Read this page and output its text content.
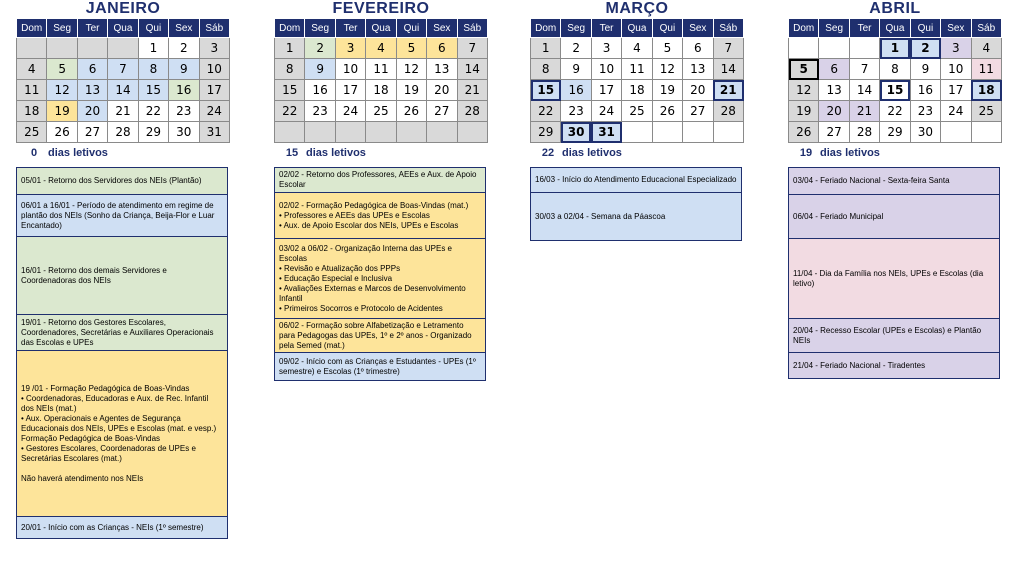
JANEIRO
Dom	Seg	Ter	Qua	Qui	Sex	Sáb
				1	2	3
4	5	6	7	8	9	10
11	12	13	14	15	16	17
18	19	20	21	22	23	24
25	26	27	28	29	30	31
0 dias letivos
05/01 - Retorno dos Servidores dos NEIs (Plantão)
06/01 a 16/01 - Período de atendimento em regime de plantão dos NEIs (Sonho da Criança, Beija-Flor e Luar Encantado)
16/01 - Retorno dos demais Servidores e Coordenadoras dos NEIs
19/01 - Retorno dos Gestores Escolares, Coordenadores, Secretárias e Auxiliares Operacionais das Escolas e UPEs
19 /01 - Formação Pedagógica de Boas-Vindas
• Coordenadoras, Educadoras e Aux. de Rec. Infantil dos NEIs (mat.)
• Aux. Operacionais e Agentes de Segurança Educacionais dos NEIs, UPEs e Escolas (mat. e vesp.)
Formação Pedagógica de Boas-Vindas
• Gestores Escolares, Coordenadoras de UPEs e Secretárias Escolares (mat.)
Não haverá atendimento nos NEIs
20/01 - Início com as Crianças - NEIs (1º semestre)
FEVEREIRO
Dom	Seg	Ter	Qua	Qui	Sex	Sáb
1	2	3	4	5	6	7
8	9	10	11	12	13	14
15	16	17	18	19	20	21
22	23	24	25	26	27	28

15 dias letivos
02/02 - Retorno dos Professores, AEEs e Aux. de Apoio Escolar
02/02 - Formação Pedagógica de Boas-Vindas (mat.)
• Professores e AEEs das UPEs e Escolas
• Aux. de Apoio Escolar dos NEIs, UPEs e Escolas
03/02 a 06/02 - Organização Interna das UPEs e Escolas
• Revisão e Atualização dos PPPs
• Educação Especial e Inclusiva
• Avaliações Externas e Marcos de Desenvolvimento Infantil
• Primeiros Socorros e Protocolo de Acidentes
06/02 - Formação sobre Alfabetização e Letramento para Pedagogas das UPEs, 1º e 2º anos - Organizado pela Semed (mat.)
09/02 - Início com as Crianças e Estudantes - UPEs (1º semestre) e Escolas (1º trimestre)
MARÇO
Dom	Seg	Ter	Qua	Qui	Sex	Sáb
1	2	3	4	5	6	7
8	9	10	11	12	13	14
15	16	17	18	19	20	21
22	23	24	25	26	27	28
29	30	31				
22 dias letivos
16/03 - Início do Atendimento Educacional Especializado
30/03 a 02/04 - Semana da Páascoa
ABRIL
Dom	Seg	Ter	Qua	Qui	Sex	Sáb
			1	2	3	4
5	6	7	8	9	10	11
12	13	14	15	16	17	18
19	20	21	22	23	24	25
26	27	28	29	30		
19 dias letivos
03/04 - Feriado Nacional - Sexta-feira Santa
06/04 - Feriado Municipal
11/04 - Dia da Família nos NEIs, UPEs e Escolas (dia letivo)
20/04 - Recesso Escolar (UPEs e Escolas) e Plantão NEIs
21/04 - Feriado Nacional - Tiradentes
